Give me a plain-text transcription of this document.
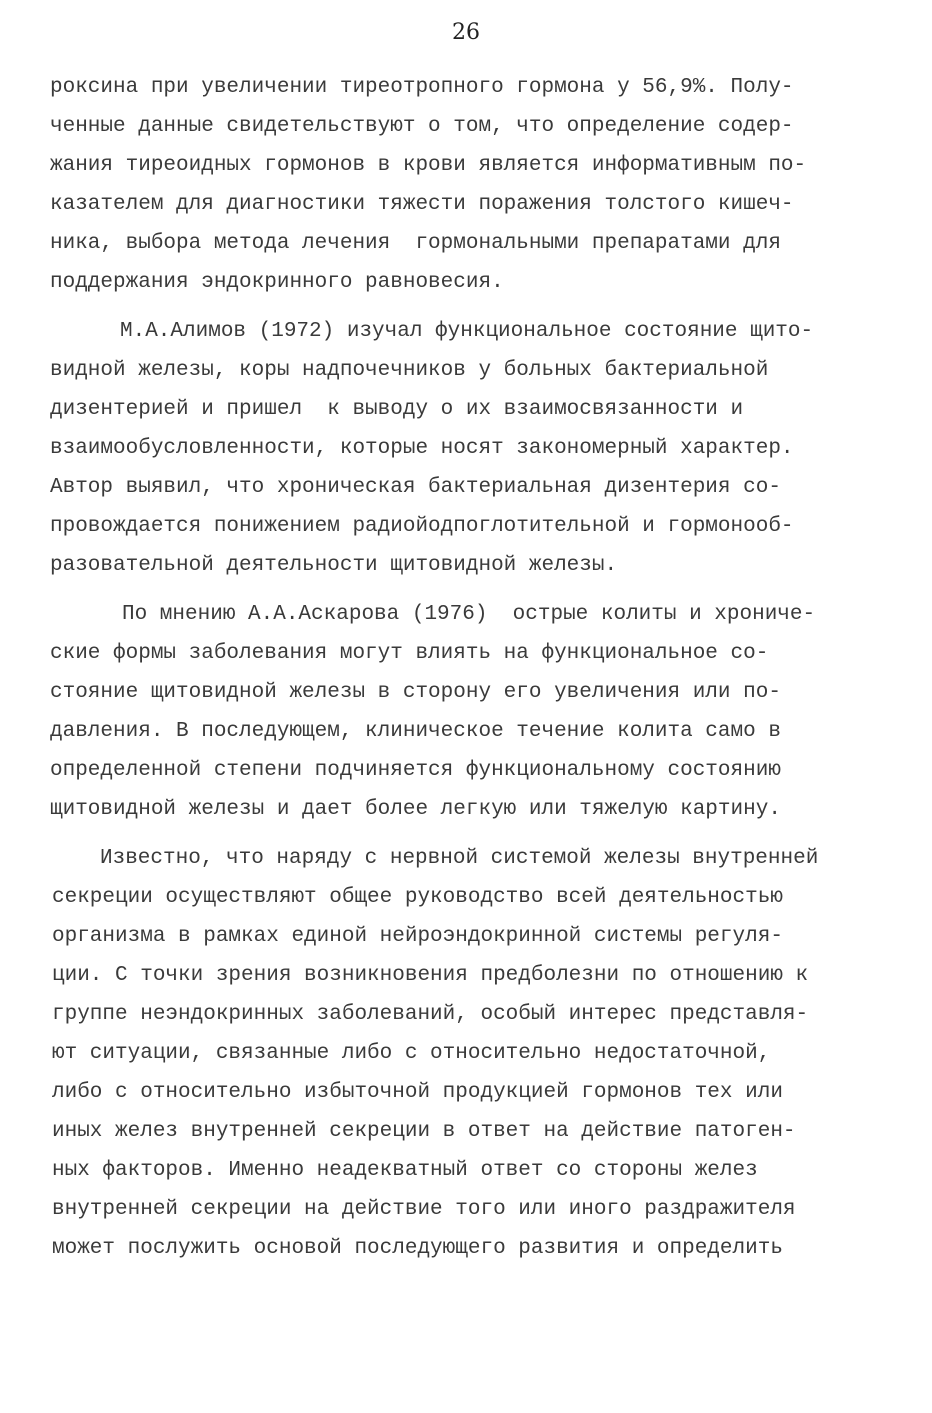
26
роксина при увеличении тиреотропного гормона у 56,9%. Полу-
ченные данные свидетельствуют о том, что определение содер-
жания тиреоидных гормонов в крови является информативным по-
казателем для диагностики тяжести поражения толстого кишеч-
ника, выбора метода лечения  гормональными препаратами для
поддержания эндокринного равновесия.
М.А.Алимов (1972) изучал функциональное состояние щито-
видной железы, коры надпочечников у больных бактериальной
дизентерией и пришел  к выводу о их взаимосвязанности и
взаимообусловленности, которые носят закономерный характер.
Автор выявил, что хроническая бактериальная дизентерия со-
провождается понижением радиойодпоглотительной и гормонооб-
разовательной деятельности щитовидной железы.
По мнению А.А.Аскарова (1976)  острые колиты и хрониче-
ские формы заболевания могут влиять на функциональное со-
стояние щитовидной железы в сторону его увеличения или по-
давления. В последующем, клиническое течение колита само в
определенной степени подчиняется функциональному состоянию
щитовидной железы и дает более легкую или тяжелую картину.
Известно, что наряду с нервной системой железы внутренней
секреции осуществляют общее руководство всей деятельностью
организма в рамках единой нейроэндокринной системы регуля-
ции. С точки зрения возникновения предболезни по отношению к
группе неэндокринных заболеваний, особый интерес представля-
ют ситуации, связанные либо с относительно недостаточной,
либо с относительно избыточной продукцией гормонов тех или
иных желез внутренней секреции в ответ на действие патоген-
ных факторов. Именно неадекватный ответ со стороны желез
внутренней секреции на действие того или иного раздражителя
может послужить основой последующего развития и определить
